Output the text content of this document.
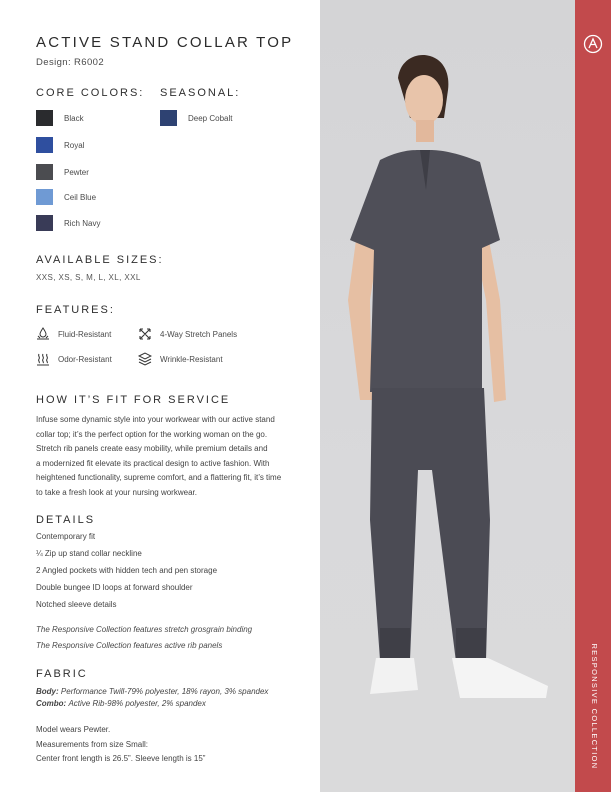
RESPONSIVE COLLECTION
ACTIVE STAND COLLAR TOP
Design: R6002
CORE COLORS: SEASONAL:
Black
Royal
Pewter
Ceil Blue
Rich Navy
Deep Cobalt
AVAILABLE SIZES:
XXS, XS, S, M, L, XL, XXL
FEATURES:
Fluid-Resistant	4-Way Stretch Panels
Odor-Resistant	Wrinkle-Resistant
HOW IT’S FIT FOR SERVICE
Infuse some dynamic style into your workwear with our active stand
collar top; it’s the perfect option for the working woman on the go.
Stretch rib panels create easy mobility, while premium details and
a modernized fit elevate its practical design to active fashion. With
heightened functionality, supreme comfort, and a flattering fit, it’s time
to take a fresh look at your nursing workwear.
DETAILS
Contemporary fit
¼ Zip up stand collar neckline
2 Angled pockets with hidden tech and pen storage
Double bungee ID loops at forward shoulder
Notched sleeve details
The Responsive Collection features stretch grosgrain binding
The Responsive Collection features active rib panels
FABRIC
Body: Performance Twill-79% polyester, 18% rayon, 3% spandex
Combo: Active Rib-98% polyester, 2% spandex
Model wears Pewter.
Measurements from size Small:
Center front length is 26.5”. Sleeve length is 15”
